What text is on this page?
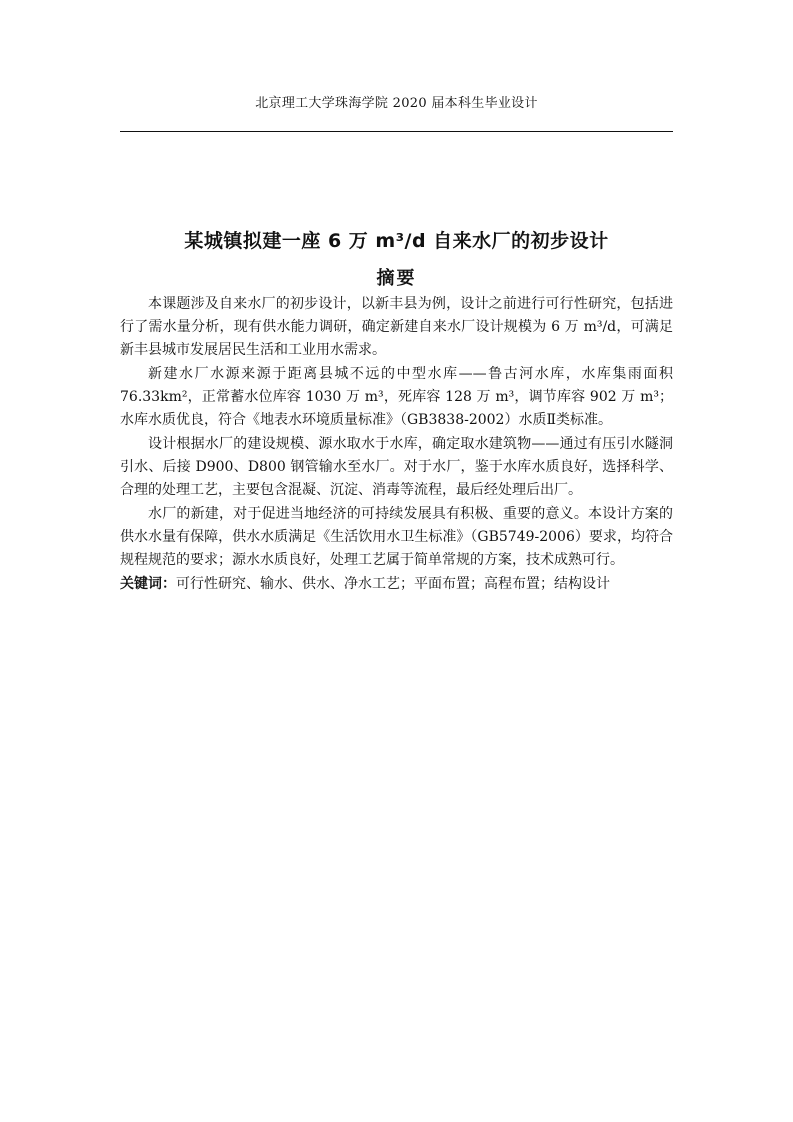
北京理工大学珠海学院 2020 届本科生毕业设计
某城镇拟建一座 6 万 m³/d 自来水厂的初步设计
摘要

本课题涉及自来水厂的初步设计，以新丰县为例，设计之前进行可行性研究，包括进行了需水量分析，现有供水能力调研，确定新建自来水厂设计规模为 6 万 m³/d，可满足新丰县城市发展居民生活和工业用水需求。

新建水厂水源来源于距离县城不远的中型水库——鲁古河水库，水库集雨面积 76.33km²，正常蓄水位库容 1030 万 m³，死库容 128 万 m³，调节库容 902 万 m³；水库水质优良，符合《地表水环境质量标准》（GB3838-2002）水质Ⅱ类标准。

设计根据水厂的建设规模、源水取水于水库，确定取水建筑物——通过有压引水隧洞引水、后接 D900、D800 钢管输水至水厂。对于水厂，鉴于水库水质良好，选择科学、合理的处理工艺，主要包含混凝、沉淀、消毒等流程，最后经处理后出厂。

水厂的新建，对于促进当地经济的可持续发展具有积极、重要的意义。本设计方案的供水水量有保障，供水水质满足《生活饮用水卫生标准》（GB5749-2006）要求，均符合规程规范的要求；源水水质良好，处理工艺属于简单常规的方案，技术成熟可行。

关键词：可行性研究、输水、供水、净水工艺；平面布置；高程布置；结构设计
